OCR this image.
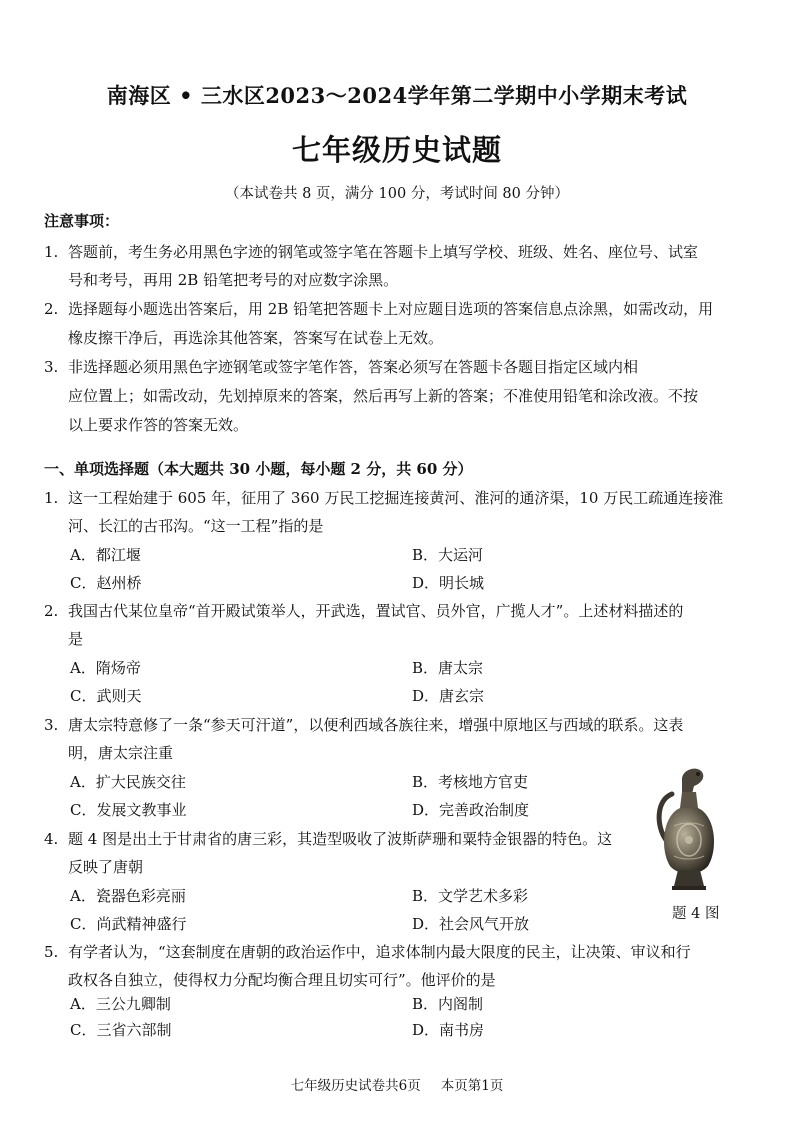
南海区 • 三水区2023～2024学年第二学期中小学期末考试
七年级历史试题
（本试卷共 8 页，满分 100 分，考试时间 80 分钟）
注意事项：
1. 答题前，考生务必用黑色字迹的钢笔或签字笔在答题卡上填写学校、班级、姓名、座位号、试室
号和考号，再用 2B 铅笔把考号的对应数字涂黑。
2. 选择题每小题选出答案后，用 2B 铅笔把答题卡上对应题目选项的答案信息点涂黑，如需改动，用
橡皮擦干净后，再选涂其他答案，答案写在试卷上无效。
3. 非选择题必须用黑色字迹钢笔或签字笔作答，答案必须写在答题卡各题目指定区域内相
应位置上；如需改动，先划掉原来的答案，然后再写上新的答案；不准使用铅笔和涂改液。不按
以上要求作答的答案无效。
一、单项选择题（本大题共 30 小题，每小题 2 分，共 60 分）
1. 这一工程始建于 605 年，征用了 360 万民工挖掘连接黄河、淮河的通济渠，10 万民工疏通连接淮
河、长江的古邗沟。“这一工程”指的是
A．都江堰	B．大运河
C．赵州桥	D．明长城
2. 我国古代某位皇帝“首开殿试策举人，开武选，置试官、员外官，广揽人才”。上述材料描述的
是
A．隋炀帝	B．唐太宗
C．武则天	D．唐玄宗
3. 唐太宗特意修了一条“参天可汗道”，以便利西域各族往来，增强中原地区与西域的联系。这表
明，唐太宗注重
A．扩大民族交往	B．考核地方官吏
C．发展文教事业	D．完善政治制度
4. 题 4 图是出土于甘肃省的唐三彩，其造型吸收了波斯萨珊和粟特金银器的特色。这
反映了唐朝
A．瓷器色彩亮丽	B．文学艺术多彩
C．尚武精神盛行	D．社会风气开放
题 4 图
5. 有学者认为，“这套制度在唐朝的政治运作中，追求体制内最大限度的民主，让决策、审议和行
政权各自独立，使得权力分配均衡合理且切实可行”。他评价的是
A．三公九卿制	B．内阁制
C．三省六部制	D．南书房
七年级历史试卷共6页 本页第1页
